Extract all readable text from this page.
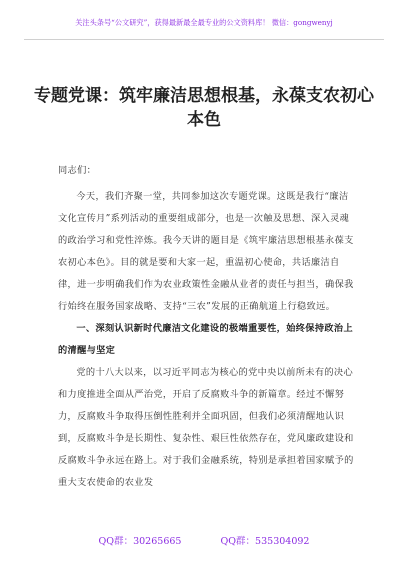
关注头条号“公文研究”，获得最新最全最专业的公文资料库！ 微信：gongwenyj
专题党课：筑牢廉洁思想根基，永葆支农初心本色

同志们：

今天，我们齐聚一堂，共同参加这次专题党课。这既是我行“廉洁文化宣传月”系列活动的重要组成部分，也是一次触及思想、深入灵魂的政治学习和党性淬炼。我今天讲的题目是《筑牢廉洁思想根基永葆支农初心本色》。目的就是要和大家一起，重温初心使命，共话廉洁自律，进一步明确我们作为农业政策性金融从业者的责任与担当，确保我行始终在服务国家战略、支持“三农”发展的正确航道上行稳致远。

一、深刻认识新时代廉洁文化建设的极端重要性，始终保持政治上的清醒与坚定

党的十八大以来，以习近平同志为核心的党中央以前所未有的决心和力度推进全面从严治党，开启了反腐败斗争的新篇章。经过不懈努力，反腐败斗争取得压倒性胜利并全面巩固，但我们必须清醒地认识到，反腐败斗争是长期性、复杂性、艰巨性依然存在，党风廉政建设和反腐败斗争永远在路上。对于我们金融系统，特别是承担着国家赋予的重大支农使命的农业发

QQ群：30265665	QQ群：535304092
